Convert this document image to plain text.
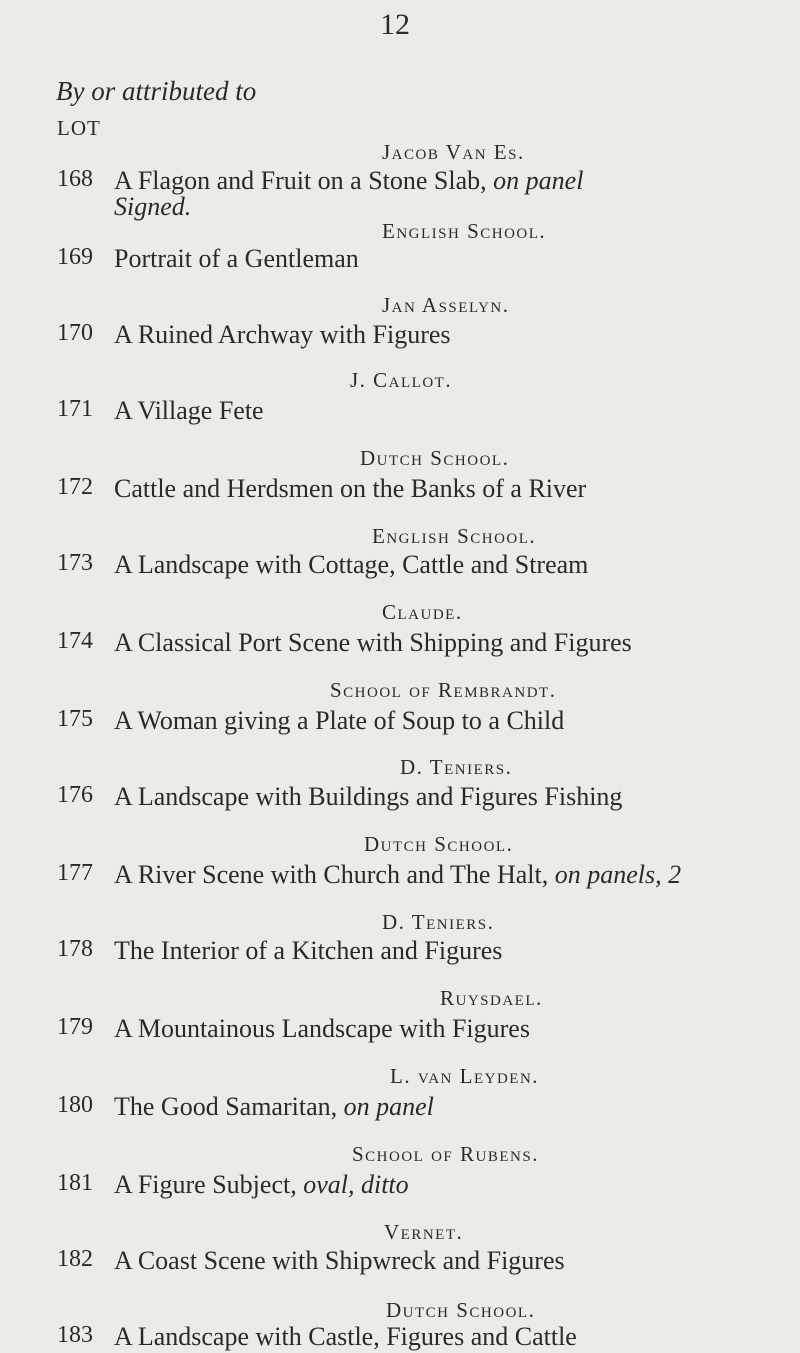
12
By or attributed to
LOT
Jacob Van Es.
English School.
Jan Asselyn.
J. Callot.
Dutch School.
English School.
Claude.
School of Rembrandt.
D. Teniers.
Dutch School.
D. Teniers.
Ruysdael.
L. van Leyden.
School of Rubens.
Vernet.
Dutch School.
168 A Flagon and Fruit on a Stone Slab, on panel
Signed.
169 Portrait of a Gentleman
170 A Ruined Archway with Figures
171 A Village Fete
172 Cattle and Herdsmen on the Banks of a River
173 A Landscape with Cottage, Cattle and Stream
174 A Classical Port Scene with Shipping and Figures
175 A Woman giving a Plate of Soup to a Child
176 A Landscape with Buildings and Figures Fishing
177 A River Scene with Church and The Halt, on panels, 2
178 The Interior of a Kitchen and Figures
179 A Mountainous Landscape with Figures
180 The Good Samaritan, on panel
181 A Figure Subject, oval, ditto
182 A Coast Scene with Shipwreck and Figures
183 A Landscape with Castle, Figures and Cattle
